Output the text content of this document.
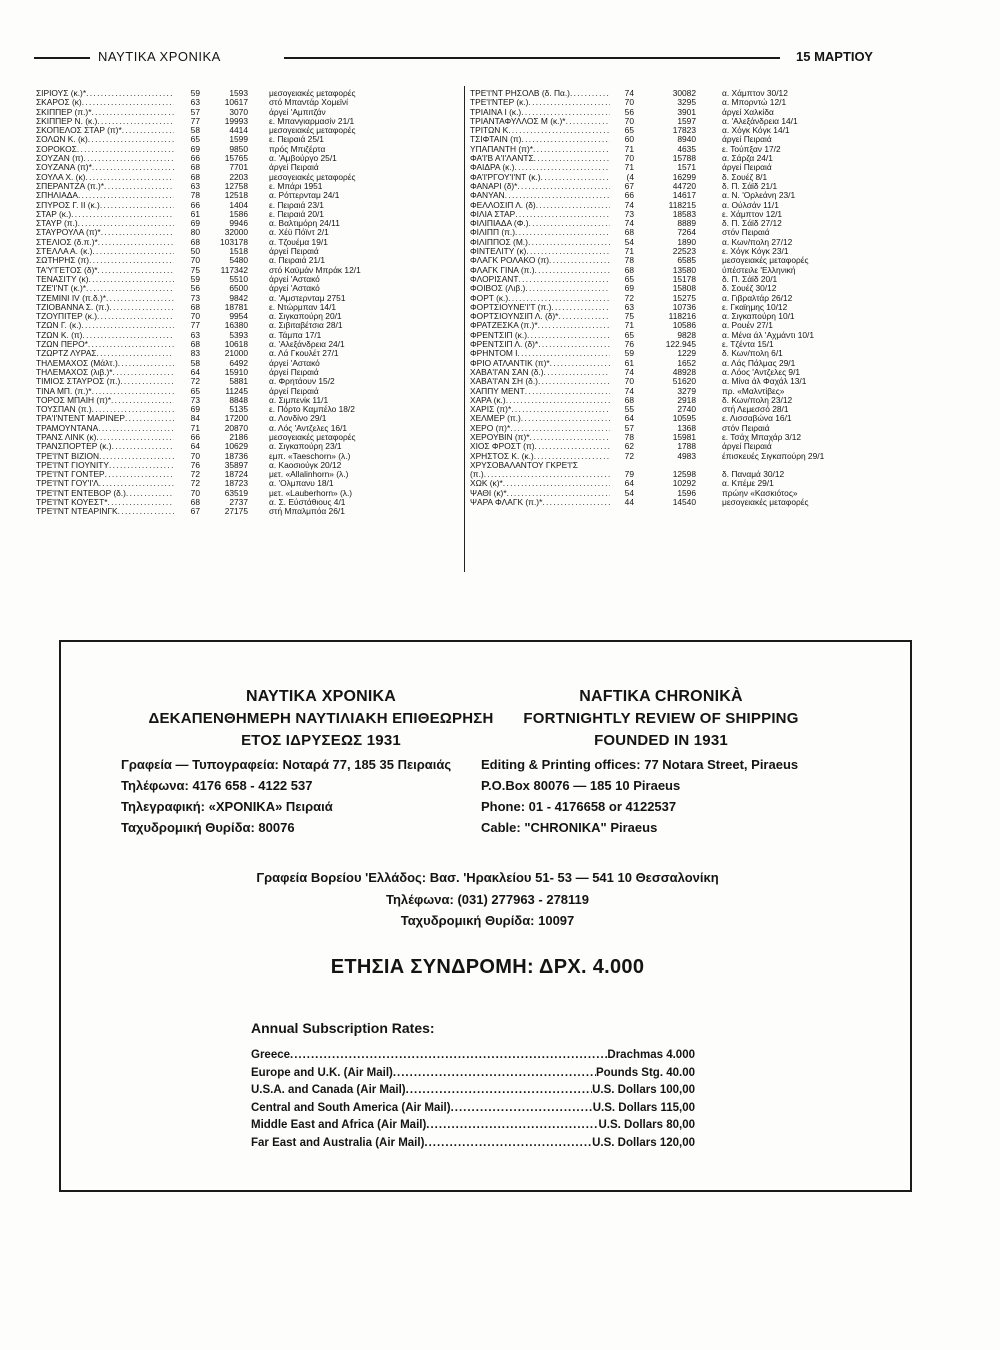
ΝΑΥΤΙΚΑ ΧΡΟΝΙΚΑ	15 ΜΑΡΤΙΟΥ
ΣΙΡΙΟΥΣ (κ.)* . . .	59	1593	μεσογειακές μεταφορές
ΣΚΑΡΟΣ (κ) . . .	63	10617	στό Μπαντάρ Χομεϊνί
ΣΚΙΠΠΕΡ (π.)* . . .	57	3070	άργεί 'Αμπιτζάν
ΣΚΙΠΠΕΡ Ν. (κ.) . . .	77	19993	ε. Μπανγιαρμασίν 21/1
ΣΚΟΠΕΛΟΣ ΣΤΑΡ (π)* . . .	58	4414	μεσογειακές μεταφορές
ΣΟΛΩΝ Κ. (κ) . . .	65	1599	ε. Πειραιά 25/1
ΣΟΡΟΚΟΣ . . .	69	9850	πρός Μπιζέρτα
ΣΟΥΖΑΝ (π) . . .	66	15765	α. 'Αμβούργο 25/1
ΣΟΥΖΑΝΑ (π)* . . .	68	7701	άργεί Πειραιά
ΣΟΥΛΑ Χ. (κ) . . .	68	2203	μεσογειακές μεταφορές
ΣΠΕΡΑΝΤΖΑ (π.)* . . .	63	12758	ε. Μπάρι 1951
ΣΠΗΛΙΑΔΑ . . .	78	12518	α. Ρόττερνταμ 24/1
ΣΠΥΡΟΣ Γ. II (κ.) . . .	66	1404	ε. Πειραιά 23/1
ΣΤΑΡ (κ.) . . .	61	1586	ε. Πειραιά 20/1
ΣΤΑΥΡ (π.) . . .	69	9946	α. Βαλτιμόρη 24/11
ΣΤΑΥΡΟΥΛΑ (π)* . . .	80	32000	α. Χέϋ Πόϊντ 2/1
ΣΤΕΛΙΟΣ (δ.π.)* . . .	68	103178	α. Τζουέμα 19/1
ΣΤΕΛΛΑ Α. (κ.) . . .	50	1518	άργεί Πειραιά
ΣΩΤΗΡΗΣ (π) . . .	70	5480	α. Πειραιά 21/1
ΤΑ'Υ'ΓΕΤΟΣ (δ)* . . .	75	117342	στό Καϋμάν Μπράκ 12/1
ΤΕΝΑΣΙΤΥ (κ) . . .	59	5510	άργεί 'Αστακό
ΤΖΕ'Ι'ΝΤ (κ.)* . . .	56	6500	άργεί 'Αστακό
ΤΖΕΜΙΝΙ IV (π.δ.)* . . .	73	9842	α. 'Αμστερνταμ 2751
ΤΖΙΟΒΑΝΝΑ Σ. (π.) . . .	68	18781	ε. Ντώρμπαν 14/1
ΤΖΟΥΠΙΤΕΡ (κ.) . . .	70	9954	α. Σιγκαπούρη 20/1
ΤΖΩΝ Γ. (κ.) . . .	77	16380	α. Σιβιταβέτσια 28/1
ΤΖΩΝ Κ. (π) . . .	63	5393	α. Τάμπα 17/1
ΤΖΩΝ ΠΕΡΟ* . . .	68	10618	α. 'Αλεξάνδρεια 24/1
ΤΖΩΡΤΖ ΛΥΡΑΣ . . .	83	21000	α. Λά Γκουλέτ 27/1
ΤΗΛΕΜΑΧΟΣ (Μάλτ.) . . .	58	6492	άργεί 'Αστακό
ΤΗΛΕΜΑΧΟΣ (λιβ.)* . . .	64	15910	άργεί Πειραιά
ΤΙΜΙΟΣ ΣΤΑΥΡΟΣ (π.) . . .	72	5881	α. Φρητάουν 15/2
ΤΙΝΑ ΜΠ. (π.)* . . .	65	11245	άργεί Πειραιά
ΤΟΡΟΣ ΜΠΑΙΗ (π)* . . .	73	8848	α. Σιμπενίκ 11/1
ΤΟΥΣΠΑΝ (π.) . . .	69	5135	ε. Πόρτο Καμπέλο 18/2
ΤΡΑ'Ι'ΝΤΕΝΤ ΜΑΡΙΝΕΡ . . .	84	17200	α. Λονδίνο 29/1
ΤΡΑΜΟΥΝΤΑΝΑ . . .	71	20870	α. Λός 'Αντζελες 16/1
ΤΡΑΝΣ ΛΙΝΚ (κ) . . .	66	2186	μεσογειακές μεταφορές
ΤΡΑΝΣΠΟΡΤΕΡ (κ.) . . .	64	10629	α. Σιγκαπούρη 23/1
ΤΡΕ'Ι'ΝΤ ΒΙΖΙΟΝ . . .	70	18736	εμπ. «Taeschorn» (λ.)
ΤΡΕ'Ι'ΝΤ ΓΙΟΥΝΙΤΥ . . .	76	35897	α. Κaoσιούγκ 20/12
ΤΡΕ'Ι'ΝΤ ΓΟΝΤΕΡ . . .	72	18724	μετ. «Allalinhorn» (λ.)
ΤΡΕ'Ι'ΝΤ ΓΟΥ'Ι'Λ . . .	72	18723	α. 'Ολμπανυ 18/1
ΤΡΕ'Ι'ΝΤ ΕΝΤΕΒΟΡ (δ.) . . .	70	63519	μετ. «Lauberhorn» (λ.)
ΤΡΕ'Ι'ΝΤ ΚΟΥΕΣΤ* . . .	68	2737	α. Σ. Εύστάθιους 4/1
ΤΡΕ'Ι'ΝΤ ΝΤΕΑΡΙΝΓΚ . . .	67	27175	στή Μπαλμπόα 26/1
ΤΡΕ'Ι'ΝΤ ΡΗΣΟΛΒ (δ. Πα.) . . .	74	30082	α. Χάμπτον 30/12
ΤΡΕ'Ι'ΝΤΕΡ (κ.) . . .	70	3295	α. Μπορντώ 12/1
ΤΡΙΑΙΝΑ I (κ.) . . .	56	3901	άργεί Χαλκίδα
ΤΡΙΑΝΤΑΦΥΛΛΟΣ Μ (κ.)* . . .	70	1597	α. 'Αλεξάνδρεια 14/1
ΤΡΙΤΩΝ Κ . . .	65	17823	α. Χόγκ Κόγκ 14/1
ΤΣΙΦΤΑΙΝ (π) . . .	60	8940	άργεί Πειραιά
ΥΠΑΠΑΝΤΗ (π)* . . .	71	4635	ε. Τούπξαν 17/2
ΦΑ'Ι'Β Α'Ι'ΛΑΝΤΣ . . .	70	15788	α. Σάρζα 24/1
ΦΑΙΔΡΑ (κ.) . . .	71	1571	άργεί Πειραιά
ΦΑ'Ι'ΡΓΟΥ'Ι'ΝΤ (κ.) . . .	(4	16299	δ. Σουέζ 8/1
ΦΑΝΑΡΙ (δ)* . . .	67	44720	δ. Π. Σάϊδ 21/1
ΦΑΝΥΑΝ . . .	66	14617	α. Ν. 'Ορλεάνη 23/1
ΦΕΛΛΟΣΙΠ Λ. (δ) . . .	74	118215	α. Ούλσάν 11/1
ΦΙΛΙΑ ΣΤΑΡ . . .	73	18583	ε. Χάμπτον 12/1
ΦΙΛΙΠΙΑΔΑ (Φ.) . . .	74	8889	δ. Π. Σάϊδ 27/12
ΦΙΛΙΠΠ (π.) . . .	68	7264	στόν Πειραιά
ΦΙΛΙΠΠΟΣ (Μ.) . . .	54	1890	α. Κων/πολη 27/12
ΦΙΝΤΕΛΙΤΥ (κ) . . .	71	22523	ε. Χόγκ Κόγκ 23/1
ΦΛΑΓΚ ΡΟΛΑΚΟ (π) . . .	78	6585	μεσογειακές μεταφορές
ΦΛΑΓΚ ΓΙΝΑ (π.) . . .	68	13580	ύπέστειλε 'Ελληνική
ΦΛΟΡΙΣΑΝΤ . . .	65	15178	δ. Π. Σάϊδ 20/1
ΦΟΙΒΟΣ (Λιβ.) . . .	69	15808	δ. Σουέζ 30/12
ΦΟΡΤ (κ.) . . .	72	15275	α. Γιβραλτάρ 26/12
ΦΟΡΤΣΙΟΥΝΕ'Ι'Τ (π.) . . .	63	10736	ε. Γκαϊημης 10/12
ΦΟΡΤΣΙΟΥΝΣΙΠ Λ. (δ)* . . .	75	118216	α. Σιγκαπούρη 10/1
ΦΡΑΤΖΕΣΚΑ (π.)* . . .	71	10586	α. Ρουέν 27/1
ΦΡΕΝΤΣΙΠ (κ.) . . .	65	9828	α. Μένα άλ 'Αχμάντι 10/1
ΦΡΕΝΤΣΙΠ Λ. (δ)* . . .	76	122.945	ε. Τζέντα 15/1
ΦΡΗΝΤΟΜ I . . .	59	1229	δ. Κων/πολη 6/1
ΦΡΙΟ ΑΤΛΑΝΤΙΚ (π)* . . .	61	1652	α. Λάς Πάλμας 29/1
ΧΑΒΑ'Ι'ΑΝ ΣΑΝ (δ.) . . .	74	48928	α. Λόος 'Αντζελες 9/1
ΧΑΒΑ'Ι'ΑΝ ΣΗ (δ.) . . .	70	51620	α. Μίνα άλ Φαχάλ 13/1
ΧΑΠΠΥ ΜΕΝΤ . . .	74	3279	πρ. «Μαλντίβες»
ΧΑΡΑ (κ.) . . .	68	2918	δ. Κων/πολη 23/12
ΧΑΡΙΣ (π)* . . .	55	2740	στή Λεμεσσό 28/1
ΧΕΛΜΕΡ (π.) . . .	64	10595	ε. Λισσαβώνα 16/1
ΧΕΡΟ (π)* . . .	57	1368	στόν Πειραιά
ΧΕΡΟΥΒΙΝ (π)* . . .	78	15981	ε. Τσάχ Μπαχάρ 3/12
ΧΙΟΣ ΦΡΟΣΤ (π) . . .	62	1788	άργεί Πειραιά
ΧΡΗΣΤΟΣ Κ. (κ.) . . .	72	4983	έπισκευές Σιγκαπούρη 29/1
ΧΡΥΣΟΒΑΛΑΝΤΟΥ ΓΚΡΕ'Ι'Σ
(π.) . . .	79	12598	δ. Παναμά 30/12
ΧΩΚ (κ)* . . .	64	10292	α. Κπέμε 29/1
ΨΑΘΙ (κ)* . . .	54	1596	πρώην «Κασκιότος»
ΨΑΡΑ ΦΛΑΓΚ (π.)* . . .	44	14540	μεσογειακές μεταφορές
ΝΑΥΤΙΚΑ ΧΡΟΝΙΚΑ
ΔΕΚΑΠΕΝΘΗΜΕΡΗ ΝΑΥΤΙΛΙΑΚΗ ΕΠΙΘΕΩΡΗΣΗ
ΕΤΟΣ ΙΔΡΥΣΕΩΣ 1931
Γραφεία — Τυπογραφεία: Νοταρά 77, 185 35 Πειραιάς
Τηλέφωνα: 4176 658 - 4122 537
Τηλεγραφική: «ΧΡΟΝΙΚΑ» Πειραιά
Ταχυδρομική Θυρίδα: 80076
NAFTIKA CHRONIKÀ
FORTNIGHTLY REVIEW OF SHIPPING
FOUNDED IN 1931
Editing & Printing offices: 77 Notara Street, Piraeus
P.O.Box 80076 — 185 10 Piraeus
Phone: 01 - 4176658 or 4122537
Cable: "CHRONIKA" Piraeus
Γραφεία Βορείου 'Ελλάδος: Βασ. 'Ηρακλείου 51- 53 — 541 10 Θεσσαλονίκη
Τηλέφωνα: (031) 277963 - 278119
Ταχυδρομική Θυρίδα: 10097
ΕΤΗΣΙΑ ΣΥΝΔΡΟΜΗ: ΔΡΧ. 4.000
Annual Subscription Rates:
Greece .....	Drachmas 4.000
Europe and U.K. (Air Mail) .....	Pounds Stg. 40.00
U.S.A. and Canada (Air Mail) .....	U.S. Dollars 100,00
Central and South America (Air Mail) .....	U.S. Dollars 115,00
Middle East and Africa (Air Mail) .....	U.S. Dollars 80,00
Far East and Australia (Air Mail) .....	U.S. Dollars 120,00
